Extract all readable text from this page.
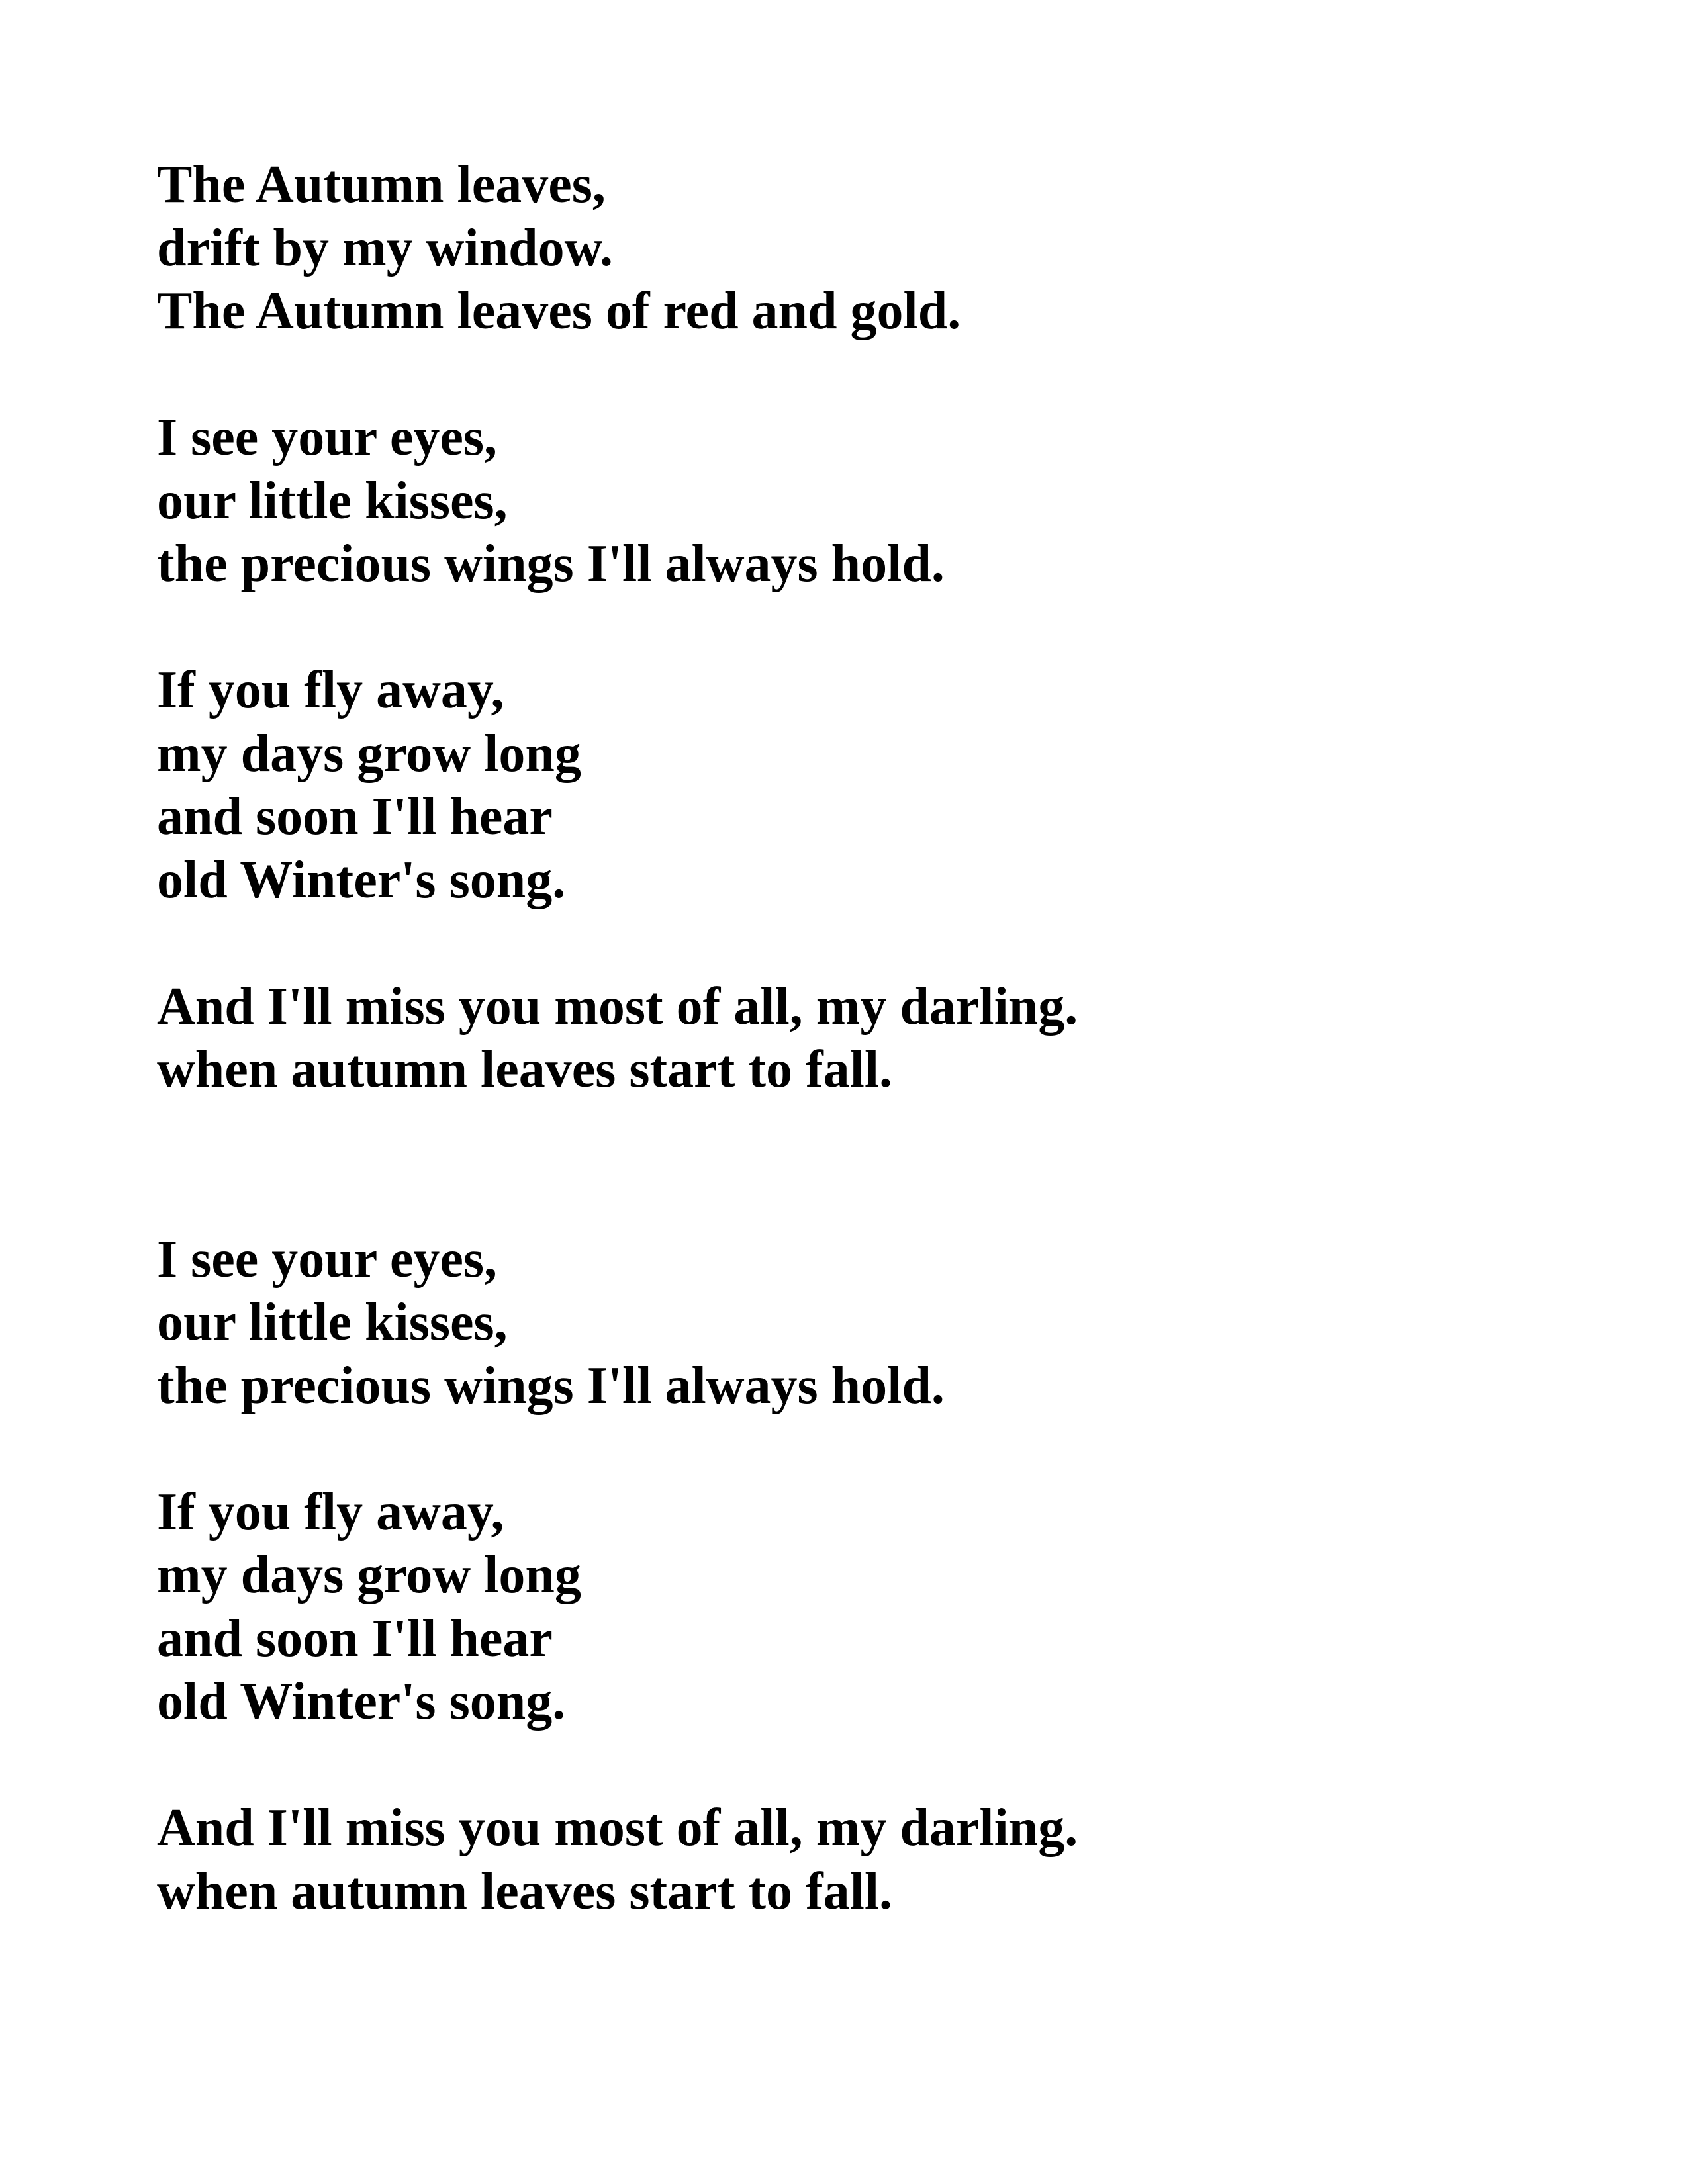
The Autumn leaves,
drift by my window.
The Autumn leaves of red and gold.
I see your eyes,
our little kisses,
the precious wings I'll always hold.
If you fly away,
my days grow long
and soon I'll hear
old Winter's song.
And I'll miss you most of all, my darling.
when autumn leaves start to fall.
I see your eyes,
our little kisses,
the precious wings I'll always hold.
If you fly away,
my days grow long
and soon I'll hear
old Winter's song.
And I'll miss you most of all, my darling.
when autumn leaves start to fall.
